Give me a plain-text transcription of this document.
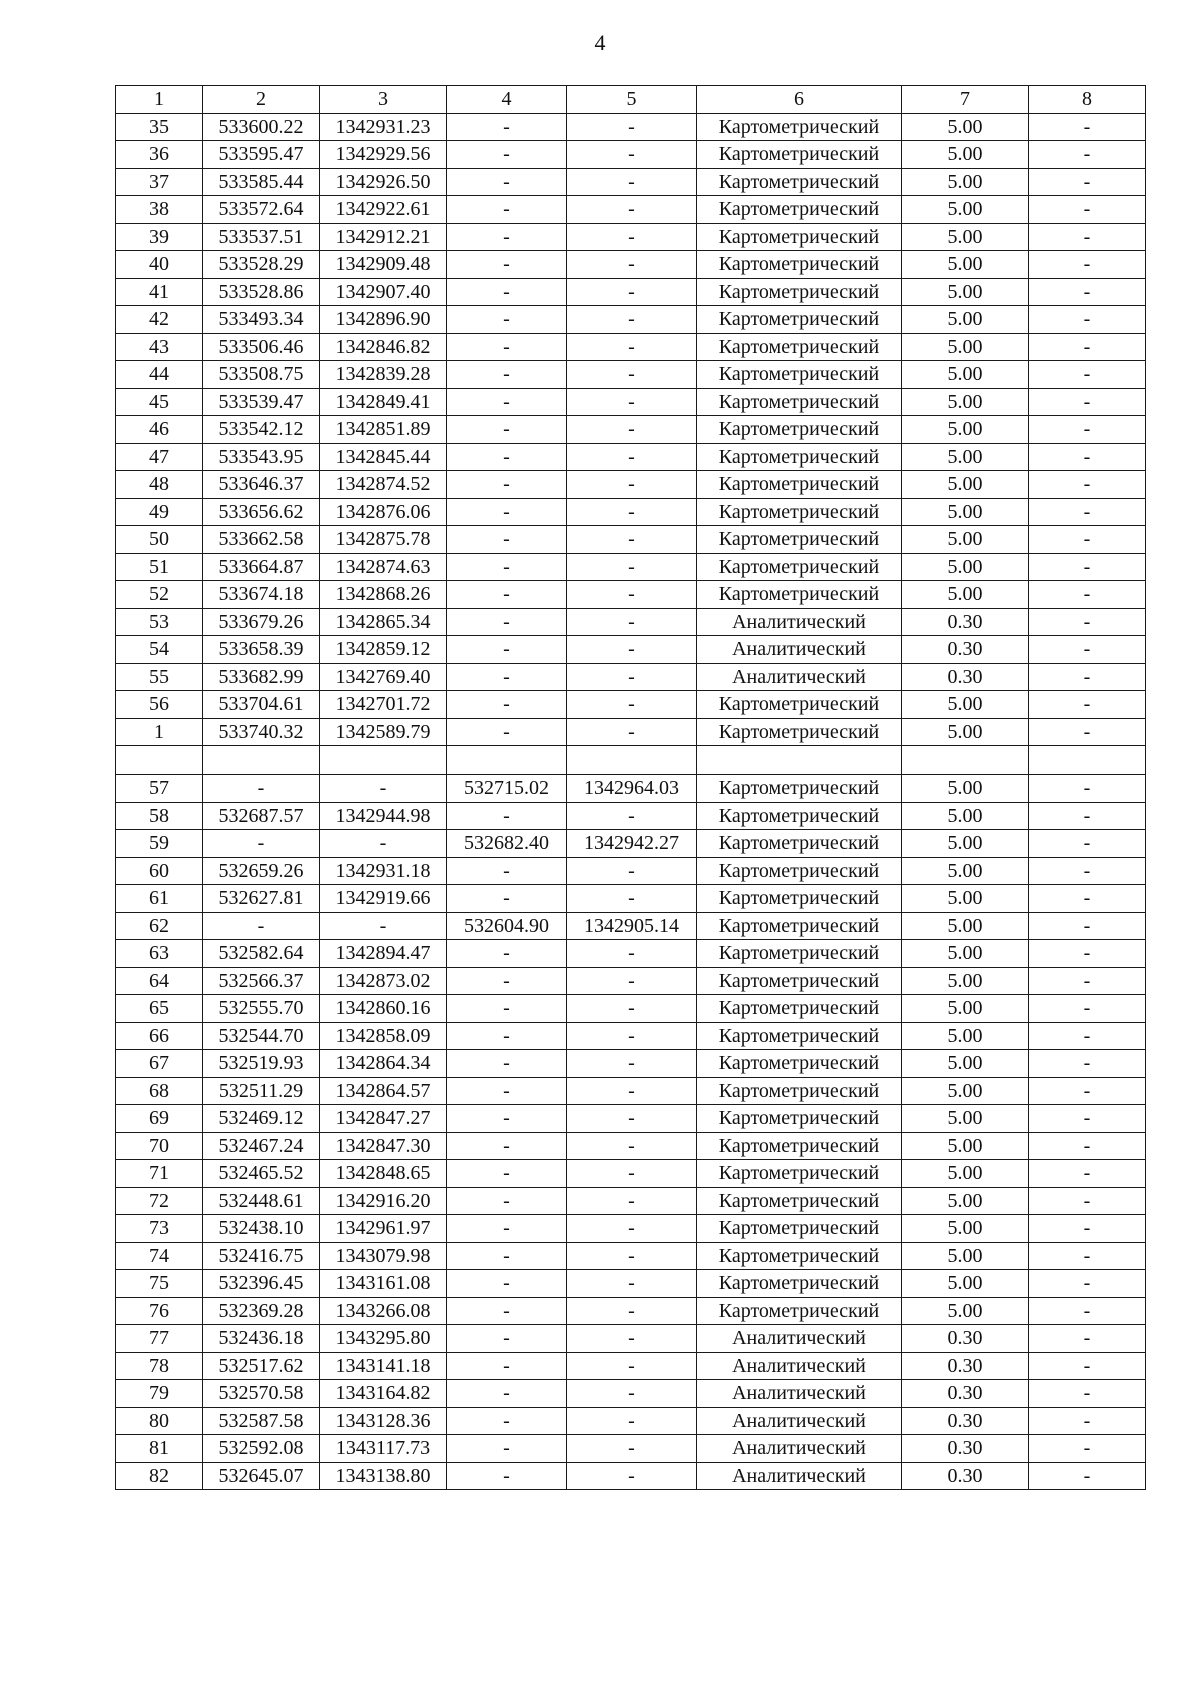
4
1	2	3	4	5	6	7	8
35	533600.22	1342931.23	-	-	Картометрический	5.00	-
36	533595.47	1342929.56	-	-	Картометрический	5.00	-
37	533585.44	1342926.50	-	-	Картометрический	5.00	-
38	533572.64	1342922.61	-	-	Картометрический	5.00	-
39	533537.51	1342912.21	-	-	Картометрический	5.00	-
40	533528.29	1342909.48	-	-	Картометрический	5.00	-
41	533528.86	1342907.40	-	-	Картометрический	5.00	-
42	533493.34	1342896.90	-	-	Картометрический	5.00	-
43	533506.46	1342846.82	-	-	Картометрический	5.00	-
44	533508.75	1342839.28	-	-	Картометрический	5.00	-
45	533539.47	1342849.41	-	-	Картометрический	5.00	-
46	533542.12	1342851.89	-	-	Картометрический	5.00	-
47	533543.95	1342845.44	-	-	Картометрический	5.00	-
48	533646.37	1342874.52	-	-	Картометрический	5.00	-
49	533656.62	1342876.06	-	-	Картометрический	5.00	-
50	533662.58	1342875.78	-	-	Картометрический	5.00	-
51	533664.87	1342874.63	-	-	Картометрический	5.00	-
52	533674.18	1342868.26	-	-	Картометрический	5.00	-
53	533679.26	1342865.34	-	-	Аналитический	0.30	-
54	533658.39	1342859.12	-	-	Аналитический	0.30	-
55	533682.99	1342769.40	-	-	Аналитический	0.30	-
56	533704.61	1342701.72	-	-	Картометрический	5.00	-
1	533740.32	1342589.79	-	-	Картометрический	5.00	-

57	-	-	532715.02	1342964.03	Картометрический	5.00	-
58	532687.57	1342944.98	-	-	Картометрический	5.00	-
59	-	-	532682.40	1342942.27	Картометрический	5.00	-
60	532659.26	1342931.18	-	-	Картометрический	5.00	-
61	532627.81	1342919.66	-	-	Картометрический	5.00	-
62	-	-	532604.90	1342905.14	Картометрический	5.00	-
63	532582.64	1342894.47	-	-	Картометрический	5.00	-
64	532566.37	1342873.02	-	-	Картометрический	5.00	-
65	532555.70	1342860.16	-	-	Картометрический	5.00	-
66	532544.70	1342858.09	-	-	Картометрический	5.00	-
67	532519.93	1342864.34	-	-	Картометрический	5.00	-
68	532511.29	1342864.57	-	-	Картометрический	5.00	-
69	532469.12	1342847.27	-	-	Картометрический	5.00	-
70	532467.24	1342847.30	-	-	Картометрический	5.00	-
71	532465.52	1342848.65	-	-	Картометрический	5.00	-
72	532448.61	1342916.20	-	-	Картометрический	5.00	-
73	532438.10	1342961.97	-	-	Картометрический	5.00	-
74	532416.75	1343079.98	-	-	Картометрический	5.00	-
75	532396.45	1343161.08	-	-	Картометрический	5.00	-
76	532369.28	1343266.08	-	-	Картометрический	5.00	-
77	532436.18	1343295.80	-	-	Аналитический	0.30	-
78	532517.62	1343141.18	-	-	Аналитический	0.30	-
79	532570.58	1343164.82	-	-	Аналитический	0.30	-
80	532587.58	1343128.36	-	-	Аналитический	0.30	-
81	532592.08	1343117.73	-	-	Аналитический	0.30	-
82	532645.07	1343138.80	-	-	Аналитический	0.30	-
